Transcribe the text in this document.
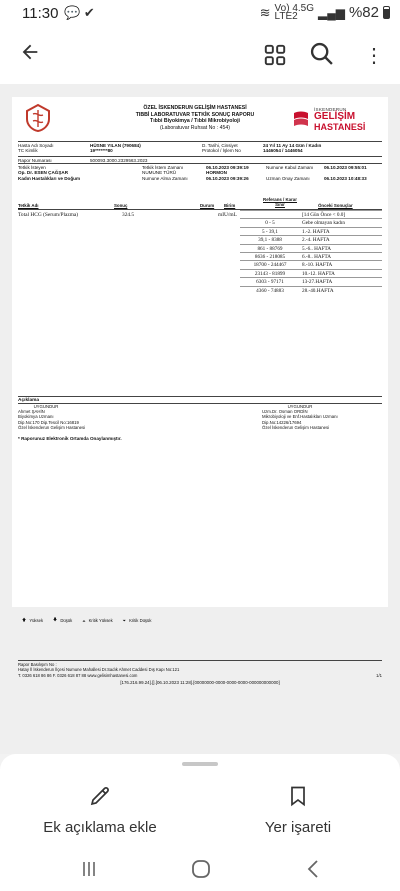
11:30 💬 ✔	≋ Vo) 4.5G
LTE2	▂▄▆ %82
⋮
ÖZEL İSKENDERUN GELİŞİM HASTANESİ
TIBBİ LABORATUVAR TETKİK SONUÇ RAPORU
Tıbbi Biyokimya / Tıbbi Mikrobiyoloji
(Laboratuvar Ruhsat No : 454)
İSKENDERUN
GELİŞİM
HASTANESİ
Hasta Adı Soyadı	HÜSNE YILAN (790684)	D. Tarihi, Cinsiyet	24 Yıl 11 Ay 14 Gün / Kadın
TC Kimlik	19*******80	Protokol / İşlem No	1446054 / 1446054
Rapor Numarası	500093.3000.2329563.2023
Tetkik İsteyen	Tetkik İstem Zamanı	06.10.2023 09:39:19	Numune Kabul Zamanı 06.10.2023 09:55:01
Op. Dr. ESEN ÇAĞŞAR	NUMUNE TÜRÜ
Kadın Hastalıkları ve Doğum
HORMON
Numune Alma Zamanı	06.10.2023 09:39:26	Uzman Onay Zamanı	06.10.2023 10:48:33
Tetkik Adı	Sonuç	Durum Birim
Referans / Karar
Sınır	Önceki Sonuçlar
Total HCG (Serum/Plazma)	324.5	mIU/mL	[14 Gün Önce < 0.0]
0 - 5	Gebe olmayan kadın
5 - 39,1	1.-2. HAFTA
39,1 - 8388	2.-4. HAFTA
861 - 88769	5.-6.. HAFTA
8636 - 218085	6.-8.. HAFTA
18700 - 244467	8.-10. HAFTA
23143 - 81899	10.-12. HAFTA
6303 - 97171	13-27.HAFTA
4360 - 74883	28.-40.HAFTA
Açıklama
UYGUNDUR
Ahmet ŞAHİN
Biyokimya Uzmanı
Dip.No:170 Dip.Tescil No:16819
Özel İskenderun Gelişim Hastanesi
UYGUNDUR
Uzm.Dr. Osman ORDİN
Mikrobiyoloji ve Enf.Hastalıkları Uzmanı
Dip.No:14226/17694
Özel İskenderun Gelişim Hastanesi
* Raporunuz Elektronik Ortamda Onaylanmıştır.
🡅 Yüksek 🡇 Düşük ⏶ Kritik Yüksek ⏷ Kritik Düşük
Rapor Basılışım No :
Hatay İl İskenderun İlçesi Numune Mahallesi Dr.Sadık Ahmet Caddesi Dış Kapı No:121
T. 0326 618 86 86 F. 0326 618 87 88 www.gelisimhastanesi.com	1/1
[176.216.99.24].[].[06.10.2023 11:28].[00000000-0000-0000-0000-000000000000]
Ek açıklama ekle	Yer işareti
